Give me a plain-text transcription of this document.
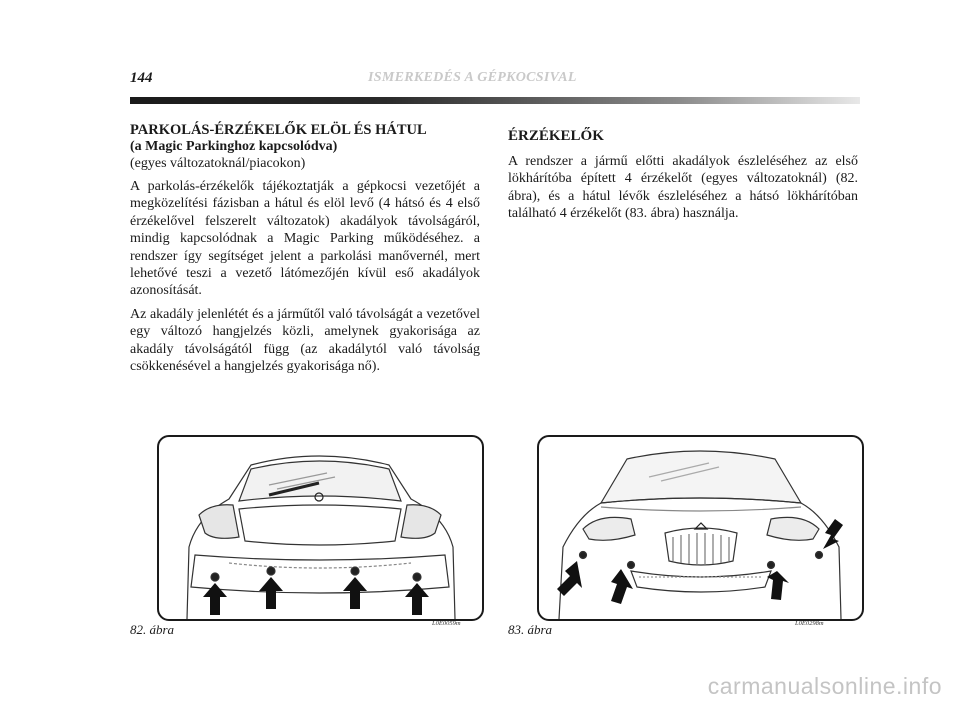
144	ISMERKEDÉS A GÉPKOCSIVAL
PARKOLÁS-ÉRZÉKELŐK ELÖL ÉS HÁTUL
(a Magic Parkinghoz kapcsolódva)
(egyes változatoknál/piacokon)

A parkolás-érzékelők tájékoztatják a gépkocsi vezetőjét a megközelítési fázisban a hátul és elöl levő (4 hátsó és 4 első érzékelővel felszerelt változatok) akadályok távolságáról, mindig kapcsolódnak a Magic Parking működéséhez. a rendszer így segítséget jelent a parkolási manővernél, mert lehetővé teszi a vezető látómezőjén kívül eső akadályok azonosítását.

Az akadály jelenlétét és a járműtől való távolságát a vezetővel egy változó hangjelzés közli, amelynek gyakorisága az akadály távolságától függ (az akadálytól való távolság csökkenésével a hangjelzés gyakorisága nő).

ÉRZÉKELŐK

A rendszer a jármű előtti akadályok észleléséhez az első lökhárítóba épített 4 érzékelőt (egyes változatoknál) (82. ábra), és a hátul lévők észleléséhez a hátsó lökhárítóban található 4 érzékelőt (83. ábra) használja.

82. ábra	L0E0059m	83. ábra	L0E0298m
carmanualsonline.info
